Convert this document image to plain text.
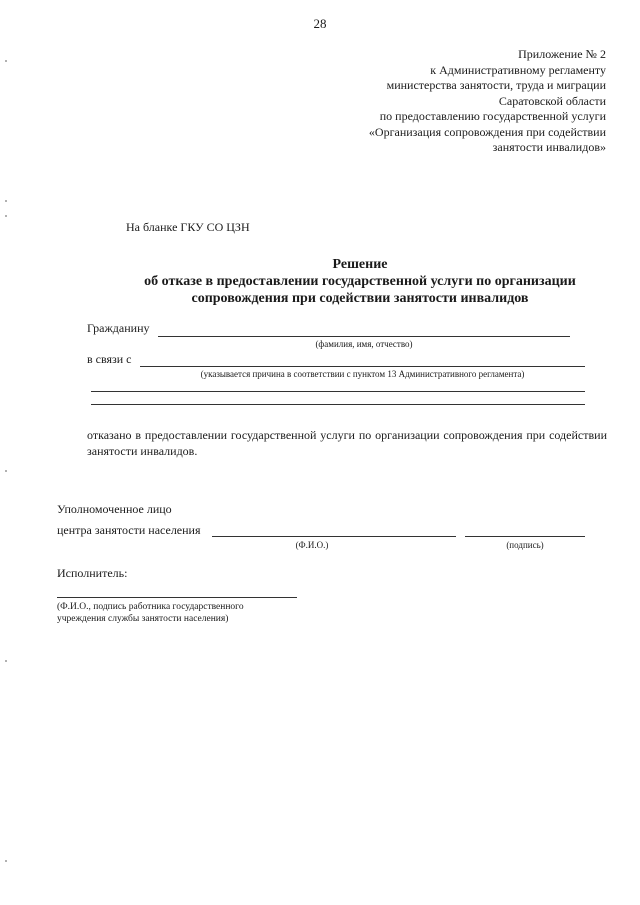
28
Приложение № 2
к Административному регламенту
министерства занятости, труда и миграции
Саратовской области
по предоставлению государственной услуги
«Организация сопровождения при содействии
занятости инвалидов»
На бланке ГКУ СО ЦЗН
Решение
об отказе в предоставлении государственной услуги по организации
сопровождения при содействии занятости инвалидов
Гражданину
(фамилия, имя, отчество)
в связи с
(указывается причина в соответствии с пунктом 13 Административного регламента)
отказано в предоставлении государственной услуги по организации сопровождения при содействии занятости инвалидов.
Уполномоченное лицо
центра занятости населения
(Ф.И.О.)	(подпись)
Исполнитель:
(Ф.И.О., подпись работника государственного учреждения службы занятости населения)
